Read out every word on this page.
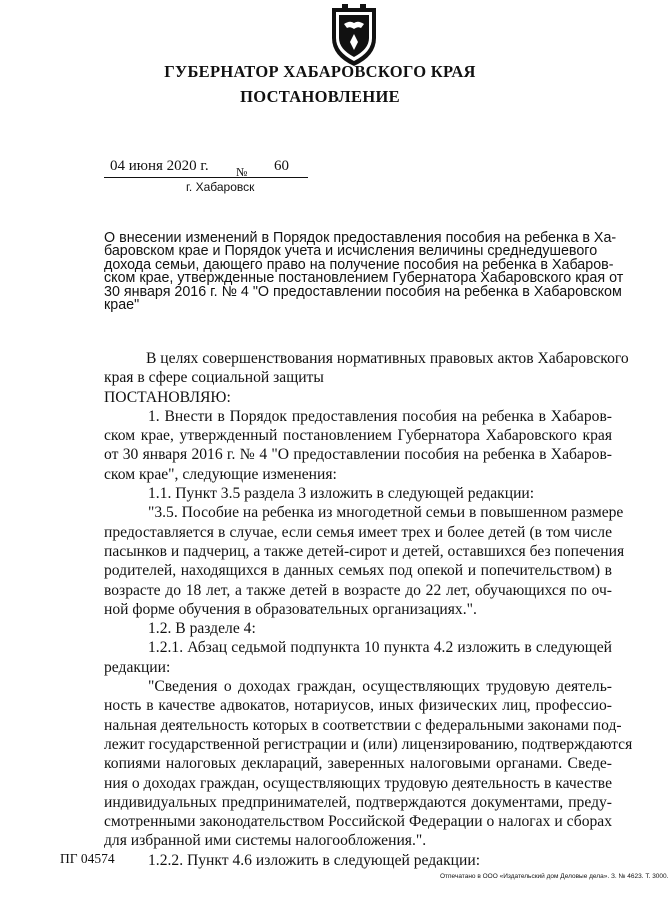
ГУБЕРНАТОР ХАБАРОВСКОГО КРАЯ
ПОСТАНОВЛЕНИЕ
04 июня 2020 г. № 60
г. Хабаровск
О внесении изменений в Порядок предоставления пособия на ребенка в Ха-
баровском крае и Порядок учета и исчисления величины среднедушевого
дохода семьи, дающего право на получение пособия на ребенка в Хабаров-
ском крае, утвержденные постановлением Губернатора Хабаровского края от
30 января 2016 г. № 4 "О предоставлении пособия на ребенка в Хабаровском
крае"
В целях совершенствования нормативных правовых актов Хабаровского
края в сфере социальной защиты
ПОСТАНОВЛЯЮ:
1. Внести в Порядок предоставления пособия на ребенка в Хабаров-
ском крае, утвержденный постановлением Губернатора Хабаровского края
от 30 января 2016 г. № 4 "О предоставлении пособия на ребенка в Хабаров-
ском крае", следующие изменения:
1.1. Пункт 3.5 раздела 3 изложить в следующей редакции:
"3.5. Пособие на ребенка из многодетной семьи в повышенном размере
предоставляется в случае, если семья имеет трех и более детей (в том числе
пасынков и падчериц, а также детей-сирот и детей, оставшихся без попечения
родителей, находящихся в данных семьях под опекой и попечительством) в
возрасте до 18 лет, а также детей в возрасте до 22 лет, обучающихся по оч-
ной форме обучения в образовательных организациях.".
1.2. В разделе 4:
1.2.1. Абзац седьмой подпункта 10 пункта 4.2 изложить в следующей
редакции:
"Сведения о доходах граждан, осуществляющих трудовую деятель-
ность в качестве адвокатов, нотариусов, иных физических лиц, профессио-
нальная деятельность которых в соответствии с федеральными законами под-
лежит государственной регистрации и (или) лицензированию, подтверждаются
копиями налоговых деклараций, заверенных налоговыми органами. Сведе-
ния о доходах граждан, осуществляющих трудовую деятельность в качестве
индивидуальных предпринимателей, подтверждаются документами, преду-
смотренными законодательством Российской Федерации о налогах и сборах
для избранной ими системы налогообложения.".
1.2.2. Пункт 4.6 изложить в следующей редакции:
ПГ 04574
Отпечатано в ООО «Издательский дом Деловые дела». З. № 4623. Т. 3000.
